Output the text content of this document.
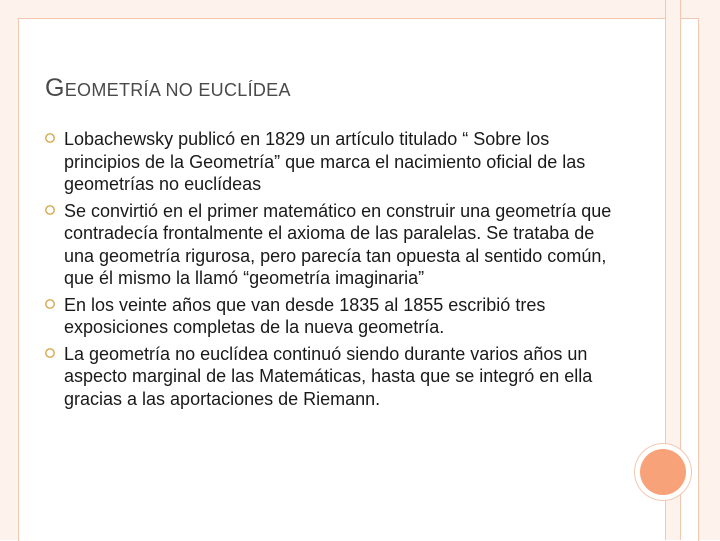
GEOMETRÍA NO EUCLÍDEA
Lobachewsky publicó en 1829 un artículo titulado “ Sobre los principios de la Geometría” que marca el nacimiento oficial de las geometrías no euclídeas
Se convirtió en el primer matemático en construir una geometría que contradecía frontalmente el axioma de las paralelas. Se trataba de una geometría rigurosa, pero parecía tan opuesta al sentido común, que él mismo la llamó “geometría imaginaria”
En los veinte años que van desde 1835 al 1855 escribió tres exposiciones completas de la nueva geometría.
La geometría no euclídea continuó siendo durante varios años un aspecto marginal de las Matemáticas, hasta que se integró en ella gracias a las aportaciones de Riemann.
